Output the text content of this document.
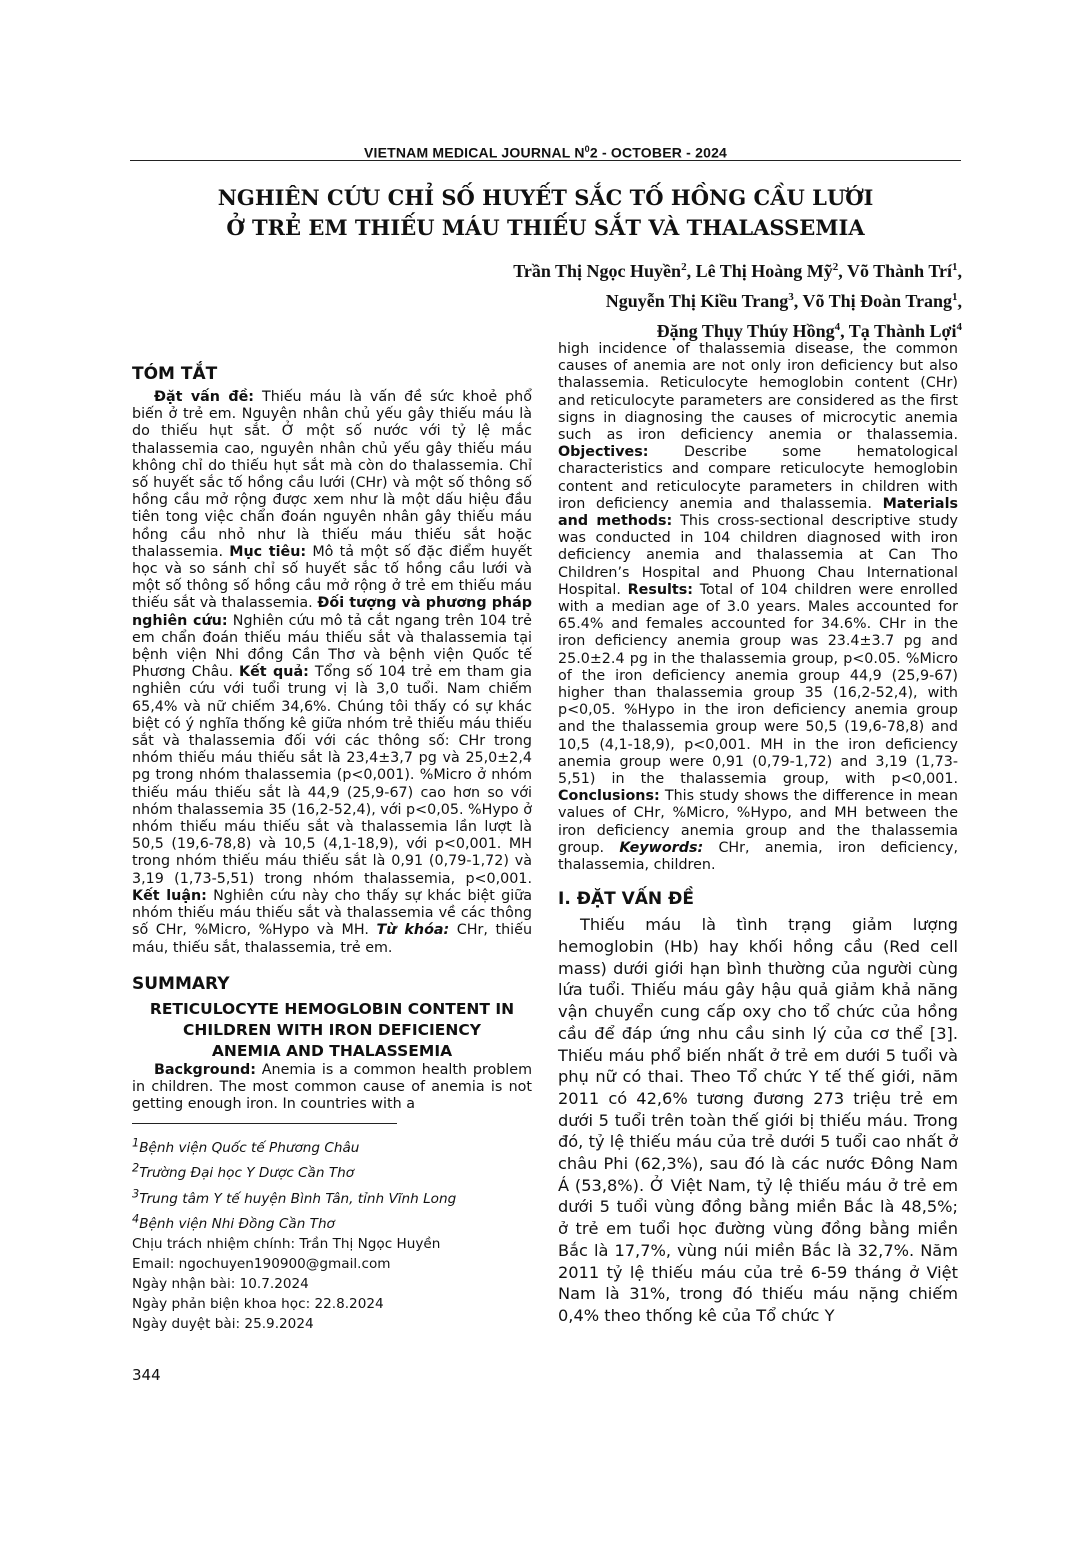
VIETNAM MEDICAL JOURNAL $N^02$ - OCTOBER - 2024
NGHIÊN CỨU CHỈ SỐ HUYẾT SẮC TỐ HỒNG CẦU LƯỚI
Ở TRẺ EM THIẾU MÁU THIẾU SẮT VÀ THALASSEMIA
Trần Thị Ngọc Huyền$^2$, Lê Thị Hoàng Mỹ$^2$, Võ Thành Trí$^1$,
Nguyễn Thị Kiều Trang$^3$, Võ Thị Đoàn Trang$^1$,
Đặng Thụy Thúy Hồng$^4$, Tạ Thành Lợi$^4$
TÓM TẮT

Đặt vấn đề: Thiếu máu là vấn đề sức khoẻ phổ biến ở trẻ em. Nguyên nhân chủ yếu gây thiếu máu là do thiếu hụt sắt. Ở một số nước với tỷ lệ mắc thalassemia cao, nguyên nhân chủ yếu gây thiếu máu không chỉ do thiếu hụt sắt mà còn do thalassemia. Chỉ số huyết sắc tố hồng cầu lưới (CHr) và một số thông số hồng cầu mở rộng được xem như là một dấu hiệu đầu tiên tong việc chẩn đoán nguyên nhân gây thiếu máu hồng cầu nhỏ như là thiếu máu thiếu sắt hoặc thalassemia. Mục tiêu: Mô tả một số đặc điểm huyết học và so sánh chỉ số huyết sắc tố hồng cầu lưới và một số thông số hồng cầu mở rộng ở trẻ em thiếu máu thiếu sắt và thalassemia. Đối tượng và phương pháp nghiên cứu: Nghiên cứu mô tả cắt ngang trên 104 trẻ em chẩn đoán thiếu máu thiếu sắt và thalassemia tại bệnh viện Nhi đồng Cần Thơ và bệnh viện Quốc tế Phương Châu. Kết quả: Tổng số 104 trẻ em tham gia nghiên cứu với tuổi trung vị là 3,0 tuổi. Nam chiếm 65,4% và nữ chiếm 34,6%. Chúng tôi thấy có sự khác biệt có ý nghĩa thống kê giữa nhóm trẻ thiếu máu thiếu sắt và thalassemia đối với các thông số: CHr trong nhóm thiếu máu thiếu sắt là 23,4±3,7 pg và 25,0±2,4 pg trong nhóm thalassemia (p<0,001). %Micro ở nhóm thiếu máu thiếu sắt là 44,9 (25,9-67) cao hơn so với nhóm thalassemia 35 (16,2-52,4), với p<0,05. %Hypo ở nhóm thiếu máu thiếu sắt và thalassemia lần lượt là 50,5 (19,6-78,8) và 10,5 (4,1-18,9), với p<0,001. MH trong nhóm thiếu máu thiếu sắt là 0,91 (0,79-1,72) và 3,19 (1,73-5,51) trong nhóm thalassemia, p<0,001. Kết luận: Nghiên cứu này cho thấy sự khác biệt giữa nhóm thiếu máu thiếu sắt và thalassemia về các thông số CHr, %Micro, %Hypo và MH. Từ khóa: CHr, thiếu máu, thiếu sắt, thalassemia, trẻ em.

SUMMARY
RETICULOCYTE HEMOGLOBIN CONTENT IN
CHILDREN WITH IRON DEFICIENCY
ANEMIA AND THALASSEMIA

Background: Anemia is a common health problem in children. The most common cause of anemia is not getting enough iron. In countries with a

$^1$Bệnh viện Quốc tế Phương Châu
$^2$Trường Đại học Y Dược Cần Thơ
$^3$Trung tâm Y tế huyện Bình Tân, tỉnh Vĩnh Long
$^4$Bệnh viện Nhi Đồng Cần Thơ
Chịu trách nhiệm chính: Trần Thị Ngọc Huyền
Email: ngochuyen190900@gmail.com
Ngày nhận bài: 10.7.2024
Ngày phản biện khoa học: 22.8.2024
Ngày duyệt bài: 25.9.2024

high incidence of thalassemia disease, the common causes of anemia are not only iron deficiency but also thalassemia. Reticulocyte hemoglobin content (CHr) and reticulocyte parameters are considered as the first signs in diagnosing the causes of microcytic anemia such as iron deficiency anemia or thalassemia. Objectives: Describe some hematological characteristics and compare reticulocyte hemoglobin content and reticulocyte parameters in children with iron deficiency anemia and thalassemia. Materials and methods: This cross-sectional descriptive study was conducted in 104 children diagnosed with iron deficiency anemia and thalassemia at Can Tho Children’s Hospital and Phuong Chau International Hospital. Results: Total of 104 children were enrolled with a median age of 3.0 years. Males accounted for 65.4% and females accounted for 34.6%. CHr in the iron deficiency anemia group was 23.4±3.7 pg and 25.0±2.4 pg in the thalassemia group, p<0.05. %Micro of the iron deficiency anemia group 44,9 (25,9-67) higher than thalassemia group 35 (16,2-52,4), with p<0,05. %Hypo in the iron deficiency anemia group and the thalassemia group were 50,5 (19,6-78,8) and 10,5 (4,1-18,9), p<0,001. MH in the iron deficiency anemia group were 0,91 (0,79-1,72) and 3,19 (1,73-5,51) in the thalassemia group, with p<0,001. Conclusions: This study shows the difference in mean values of CHr, %Micro, %Hypo, and MH between the iron deficiency anemia group and the thalassemia group. Keywords: CHr, anemia, iron deficiency, thalassemia, children.

I. ĐẶT VẤN ĐỀ

Thiếu máu là tình trạng giảm lượng hemoglobin (Hb) hay khối hồng cầu (Red cell mass) dưới giới hạn bình thường của người cùng lứa tuổi. Thiếu máu gây hậu quả giảm khả năng vận chuyển cung cấp oxy cho tổ chức của hồng cầu để đáp ứng nhu cầu sinh lý của cơ thể [3]. Thiếu máu phổ biến nhất ở trẻ em dưới 5 tuổi và phụ nữ có thai. Theo Tổ chức Y tế thế giới, năm 2011 có 42,6% tương đương 273 triệu trẻ em dưới 5 tuổi trên toàn thế giới bị thiếu máu. Trong đó, tỷ lệ thiếu máu của trẻ dưới 5 tuổi cao nhất ở châu Phi (62,3%), sau đó là các nước Đông Nam Á (53,8%). Ở Việt Nam, tỷ lệ thiếu máu ở trẻ em dưới 5 tuổi vùng đồng bằng miền Bắc là 48,5%; ở trẻ em tuổi học đường vùng đồng bằng miền Bắc là 17,7%, vùng núi miền Bắc là 32,7%. Năm 2011 tỷ lệ thiếu máu của trẻ 6-59 tháng ở Việt Nam là 31%, trong đó thiếu máu nặng chiếm 0,4% theo thống kê của Tổ chức Y

344
